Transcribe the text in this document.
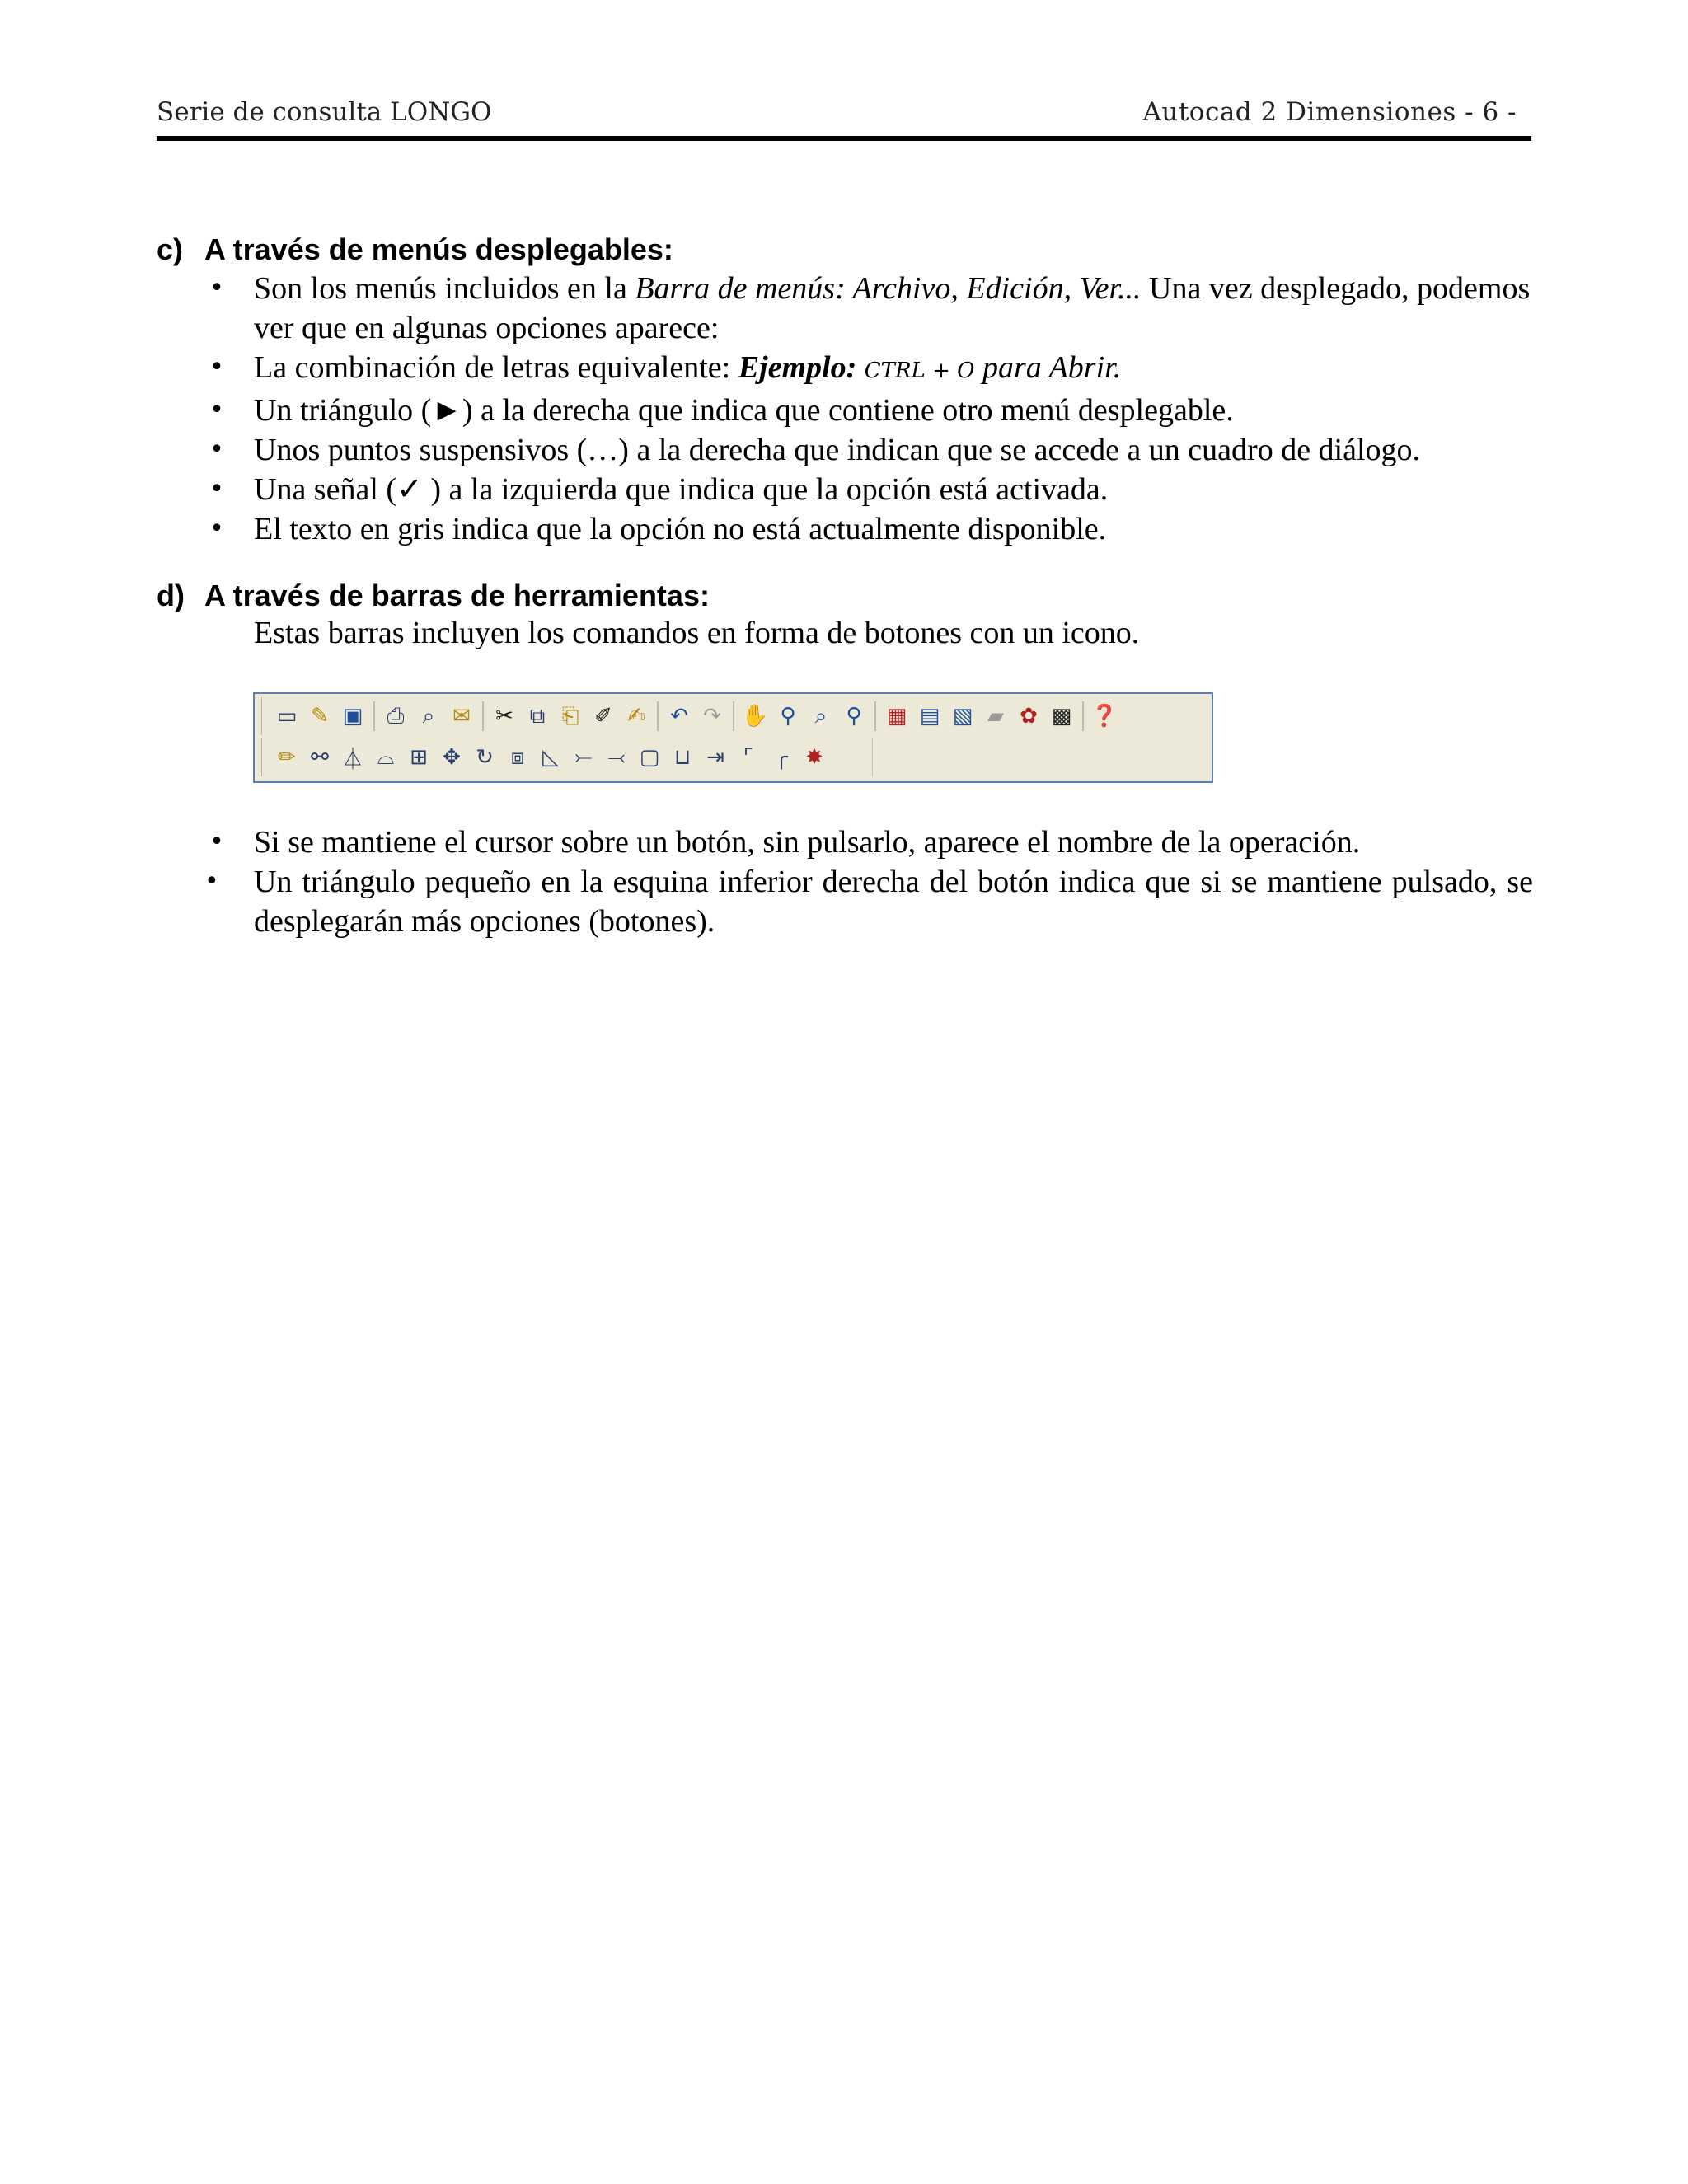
Serie de consulta LONGO	Autocad 2 Dimensiones - 6 -
c) A través de menús desplegables:
• Son los menús incluidos en la Barra de menús: Archivo, Edición, Ver... Una vez desplegado, podemos ver que en algunas opciones aparece:
• La combinación de letras equivalente: Ejemplo: CTRL + O para Abrir.
• Un triángulo (►) a la derecha que indica que contiene otro menú desplegable.
• Unos puntos suspensivos (…) a la derecha que indican que se accede a un cuadro de diálogo.
• Una señal (✓ ) a la izquierda que indica que la opción está activada.
• El texto en gris indica que la opción no está actualmente disponible.
d) A través de barras de herramientas:
Estas barras incluyen los comandos en forma de botones con un icono.
▭ ✎ ▣	⎙ ⌕ ✉	✂ ⧉ ⎗ ✐ ✍	↶ ↷ ✋ ⚲ ⌕ ⚲	▦ ▤ ▧ ▰ ✿ ▩ ❓
✏ ⚯ ⏃ ⌓ ⊞ ✥ ↻ ⧈ ◺ ⤚ ⤙ ▢ ⊔ ⇥ ⌜	╭ ✸
• Si se mantiene el cursor sobre un botón, sin pulsarlo, aparece el nombre de la operación.
•	Un triángulo pequeño en la esquina inferior derecha del botón indica que si se mantiene pulsado, se desplegarán más opciones (botones).
